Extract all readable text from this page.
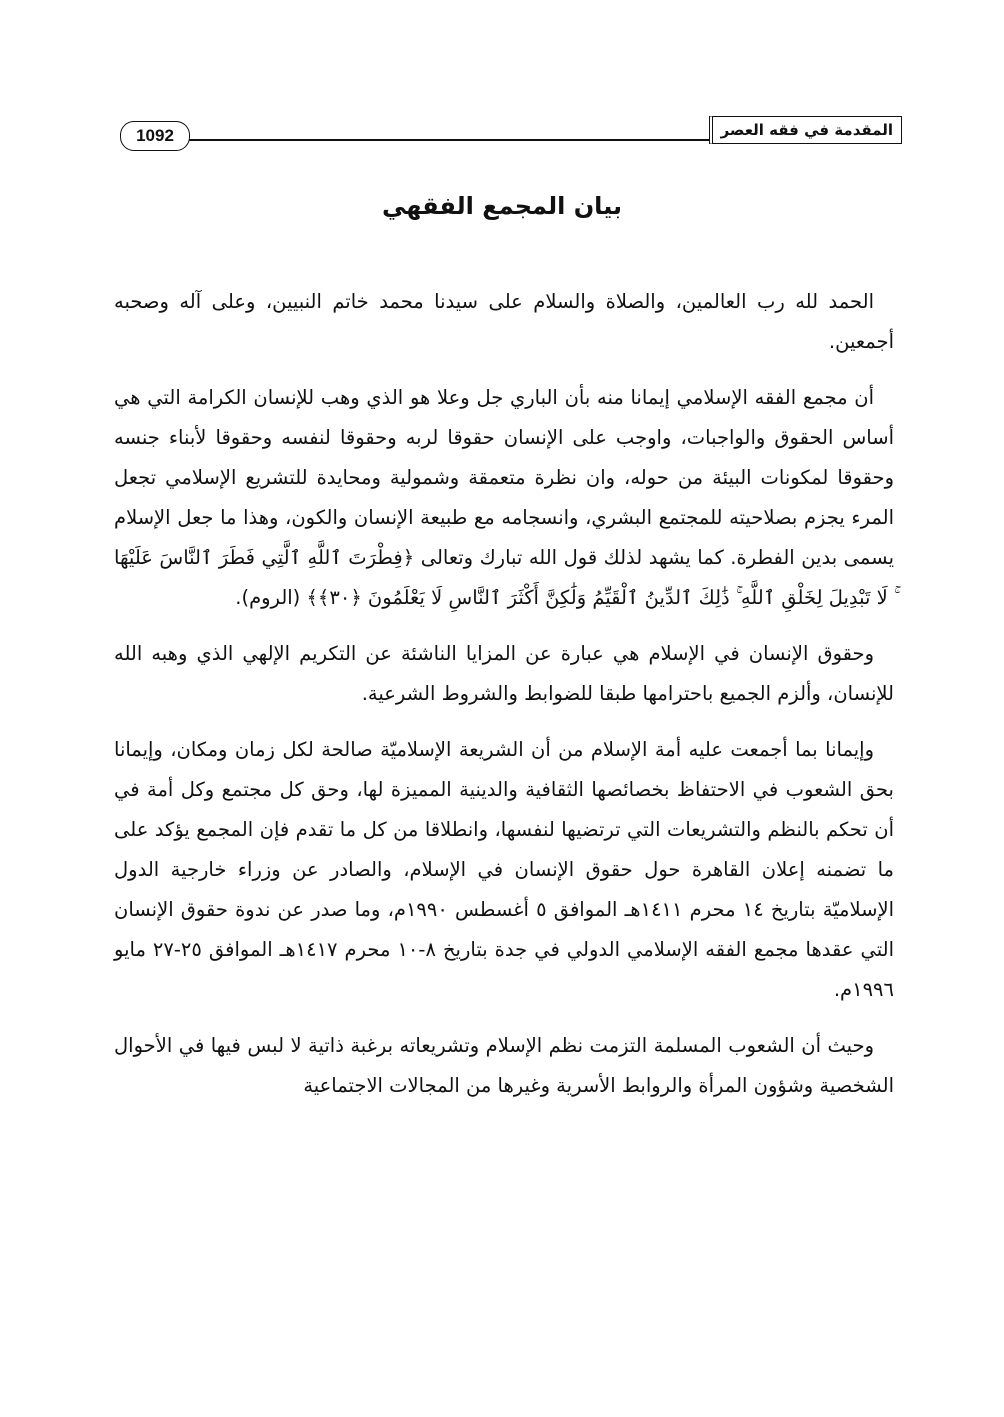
المقدمة في فقه العصر
1092
بيان المجمع الفقهي

الحمد لله رب العالمين، والصلاة والسلام على سيدنا محمد خاتم النبيين، وعلى آله وصحبه أجمعين.

أن مجمع الفقه الإسلامي إيمانا منه بأن الباري جل وعلا هو الذي وهب للإنسان الكرامة التي هي أساس الحقوق والواجبات، واوجب على الإنسان حقوقا لربه وحقوقا لنفسه وحقوقا لأبناء جنسه وحقوقا لمكونات البيئة من حوله، وان نظرة متعمقة وشمولية ومحايدة للتشريع الإسلامي تجعل المرء يجزم بصلاحيته للمجتمع البشري، وانسجامه مع طبيعة الإنسان والكون، وهذا ما جعل الإسلام يسمى بدين الفطرة. كما يشهد لذلك قول الله تبارك وتعالى ﴿فِطْرَتَ ٱللَّهِ ٱلَّتِي فَطَرَ ٱلنَّاسَ عَلَيْهَا ۚ لَا تَبْدِيلَ لِخَلْقِ ٱللَّهِ ۚ ذَٰلِكَ ٱلدِّينُ ٱلْقَيِّمُ وَلَٰكِنَّ أَكْثَرَ ٱلنَّاسِ لَا يَعْلَمُونَ ﴿٣٠﴾﴾ (الروم).

وحقوق الإنسان في الإسلام هي عبارة عن المزايا الناشئة عن التكريم الإلهي الذي وهبه الله للإنسان، وألزم الجميع باحترامها طبقا للضوابط والشروط الشرعية.

وإيمانا بما أجمعت عليه أمة الإسلام من أن الشريعة الإسلاميّة صالحة لكل زمان ومكان، وإيمانا بحق الشعوب في الاحتفاظ بخصائصها الثقافية والدينية المميزة لها، وحق كل مجتمع وكل أمة في أن تحكم بالنظم والتشريعات التي ترتضيها لنفسها، وانطلاقا من كل ما تقدم فإن المجمع يؤكد على ما تضمنه إعلان القاهرة حول حقوق الإنسان في الإسلام، والصادر عن وزراء خارجية الدول الإسلاميّة بتاريخ ١٤ محرم ١٤١١هـ الموافق ٥ أغسطس ١٩٩٠م، وما صدر عن ندوة حقوق الإنسان التي عقدها مجمع الفقه الإسلامي الدولي في جدة بتاريخ ٨-١٠ محرم ١٤١٧هـ الموافق ٢٥-٢٧ مايو ١٩٩٦م.

وحيث أن الشعوب المسلمة التزمت نظم الإسلام وتشريعاته برغبة ذاتية لا لبس فيها في الأحوال الشخصية وشؤون المرأة والروابط الأسرية وغيرها من المجالات الاجتماعية
